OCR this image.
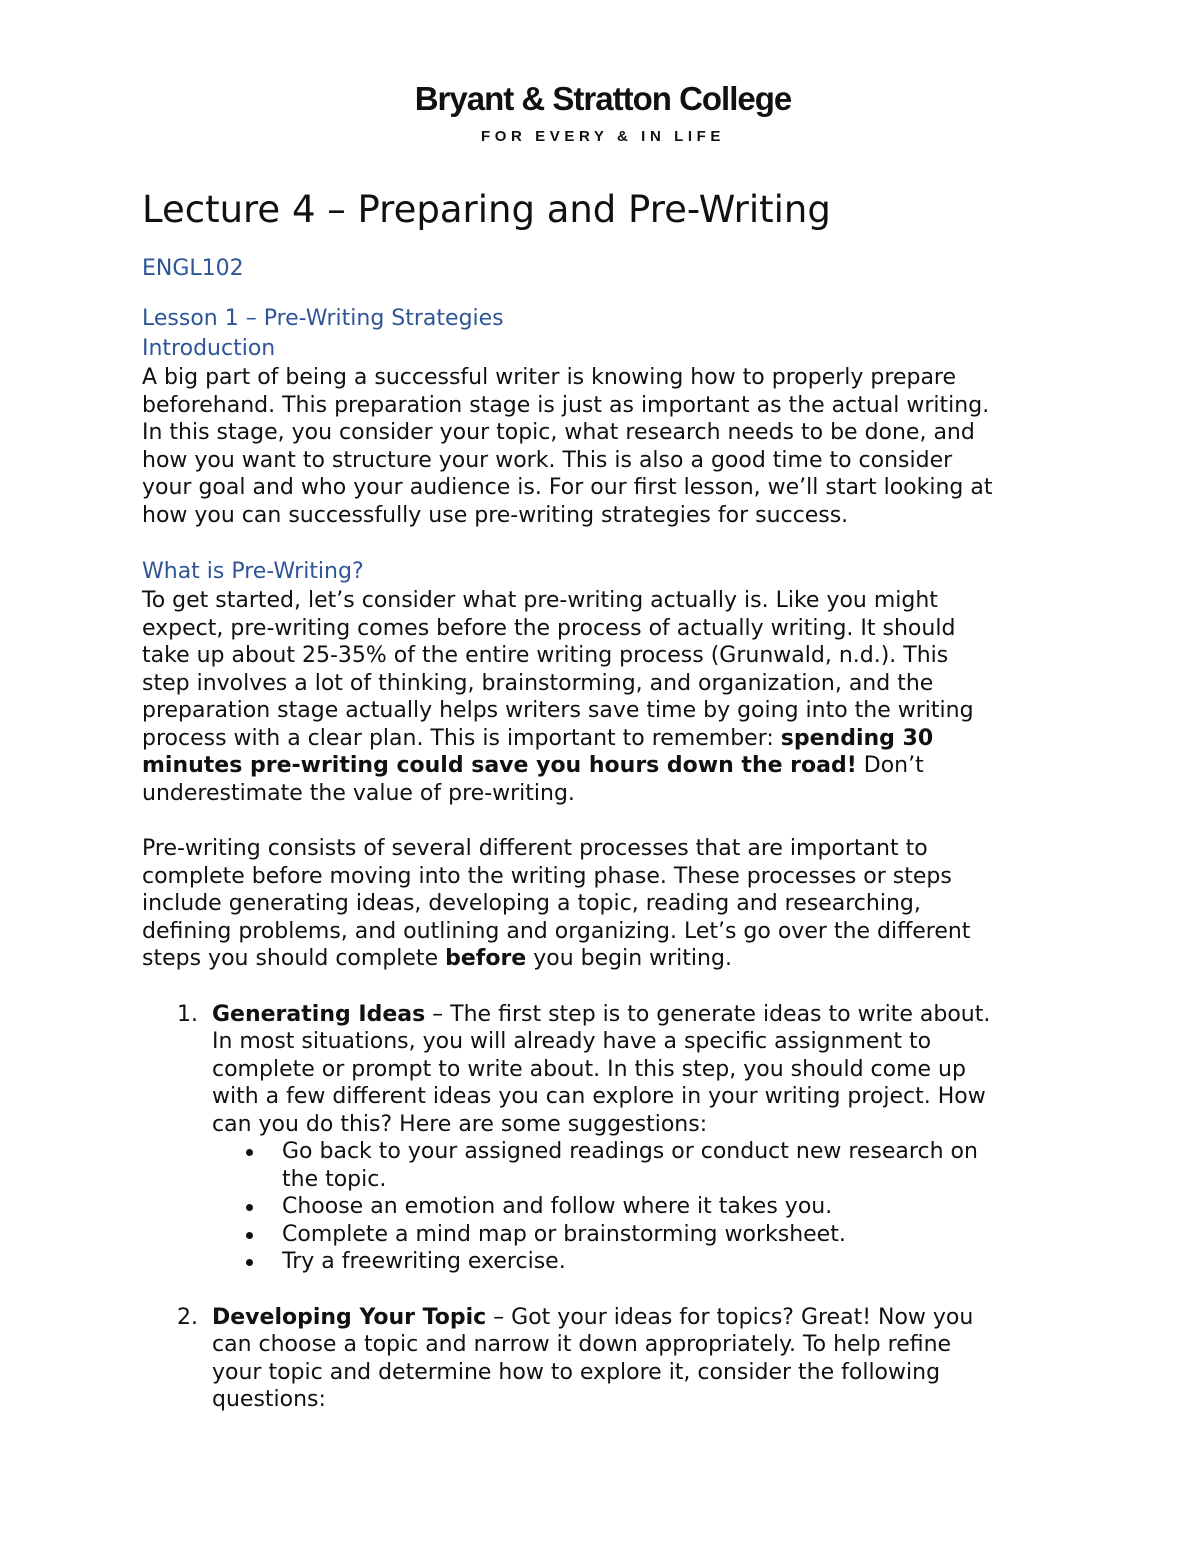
Bryant & Stratton College
FOR EVERY & IN LIFE
Lecture 4 – Preparing and Pre-Writing

ENGL102

Lesson 1 – Pre-Writing Strategies
Introduction

A big part of being a successful writer is knowing how to properly prepare
beforehand. This preparation stage is just as important as the actual writing.
In this stage, you consider your topic, what research needs to be done, and
how you want to structure your work. This is also a good time to consider
your goal and who your audience is. For our first lesson, we’ll start looking at
how you can successfully use pre-writing strategies for success.

What is Pre-Writing?

To get started, let’s consider what pre-writing actually is. Like you might
expect, pre-writing comes before the process of actually writing. It should
take up about 25-35% of the entire writing process (Grunwald, n.d.). This
step involves a lot of thinking, brainstorming, and organization, and the
preparation stage actually helps writers save time by going into the writing
process with a clear plan. This is important to remember: spending 30
minutes pre-writing could save you hours down the road! Don’t
underestimate the value of pre-writing.

Pre-writing consists of several different processes that are important to
complete before moving into the writing phase. These processes or steps
include generating ideas, developing a topic, reading and researching,
defining problems, and outlining and organizing. Let’s go over the different
steps you should complete before you begin writing.

1. Generating Ideas – The first step is to generate ideas to write about.
In most situations, you will already have a specific assignment to
complete or prompt to write about. In this step, you should come up
with a few different ideas you can explore in your writing project. How
can you do this? Here are some suggestions:
Go back to your assigned readings or conduct new research on
the topic.
Choose an emotion and follow where it takes you.
Complete a mind map or brainstorming worksheet.
Try a freewriting exercise.
2. Developing Your Topic – Got your ideas for topics? Great! Now you
can choose a topic and narrow it down appropriately. To help refine
your topic and determine how to explore it, consider the following
questions:
